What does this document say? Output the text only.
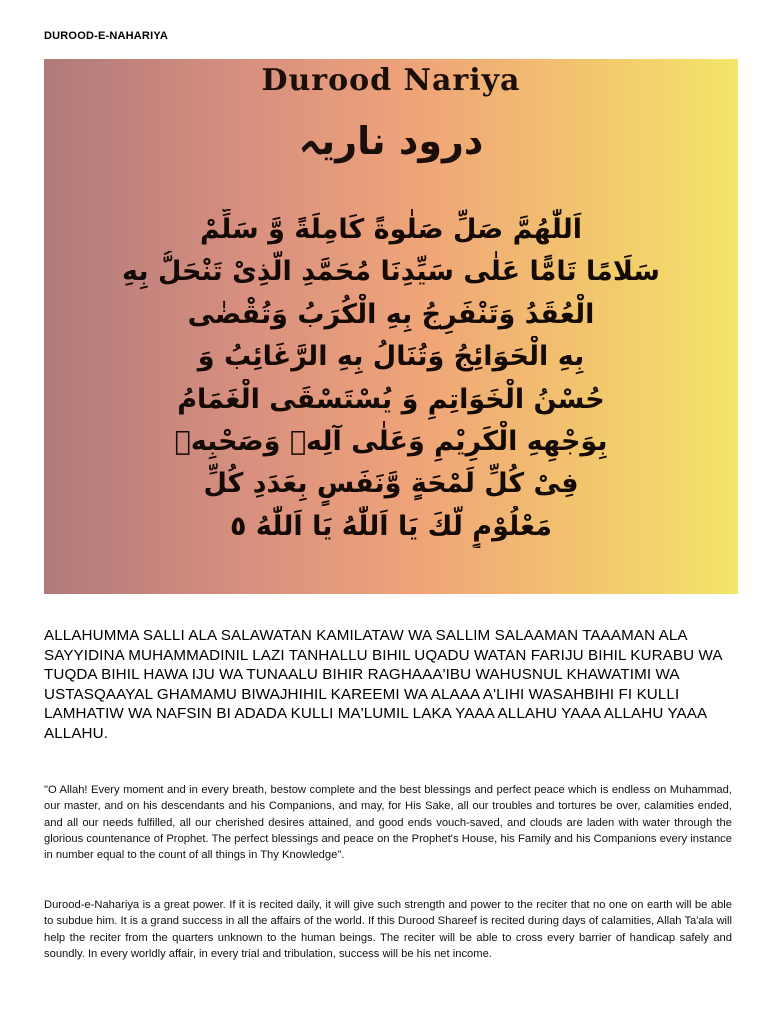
DUROOD-E-NAHARIYA
Durood Nariya
درود ناریہ
اَللّٰهُمَّ صَلِّ صَلٰوةً كَامِلَةً وَّ سَلِّمْ
سَلَامًا تَامًّا عَلٰى سَيِّدِنَا مُحَمَّدِ الَّذِىْ تَنْحَلُّ بِهِ
الْعُقَدُ وَتَنْفَرِجُ بِهِ الْكُرَبُ وَتُقْضٰى
بِهِ الْحَوَائِجُ وَتُنَالُ بِهِ الرَّغَائِبُ وَ
حُسْنُ الْخَوَاتِمِ وَ يُسْتَسْقَى الْغَمَامُ
بِوَجْهِهِ الْكَرِيْمِ وَعَلٰى آلِهٖ وَصَحْبِهٖ
فِىْ كُلِّ لَمْحَةٍ وَّنَفَسٍ بِعَدَدِ كُلِّ
مَعْلُوْمٍ لَّكَ يَا اَللّٰهُ يَا اَللّٰهُ ٥
ALLAHUMMA SALLI ALA SALAWATAN KAMILATAW WA SALLIM SALAAMAN TAAAMAN ALA SAYYIDINA MUHAMMADINIL LAZI TANHALLU BIHIL UQADU WATAN FARIJU BIHIL KURABU WA TUQDA BIHIL HAWA IJU WA TUNAALU BIHIR RAGHAAA'IBU WAHUSNUL KHAWATIMI WA USTASQAAYAL GHAMAMU BIWAJHIHIL KAREEMI WA ALAAA A'LIHI WASAHBIHI FI KULLI LAMHATIW WA NAFSIN BI ADADA KULLI MA'LUMIL LAKA YAAA ALLAHU YAAA ALLAHU YAAA ALLAHU.
"O Allah! Every moment and in every breath, bestow complete and the best blessings and perfect peace which is endless on Muhammad, our master, and on his descendants and his Companions, and may, for His Sake, all our troubles and tortures be over, calamities ended, and all our needs fulfilled, all our cherished desires attained, and good ends vouch-saved, and clouds are laden with water through the glorious countenance of Prophet. The perfect blessings and peace on the Prophet's House, his Family and his Companions every instance in number equal to the count of all things in Thy Knowledge".
Durood-e-Nahariya is a great power. If it is recited daily, it will give such strength and power to the reciter that no one on earth will be able to subdue him. It is a grand success in all the affairs of the world. If this Durood Shareef is recited during days of calamities, Allah Ta'ala will help the reciter from the quarters unknown to the human beings. The reciter will be able to cross every barrier of handicap safely and soundly. In every worldly affair, in every trial and tribulation, success will be his net income.
